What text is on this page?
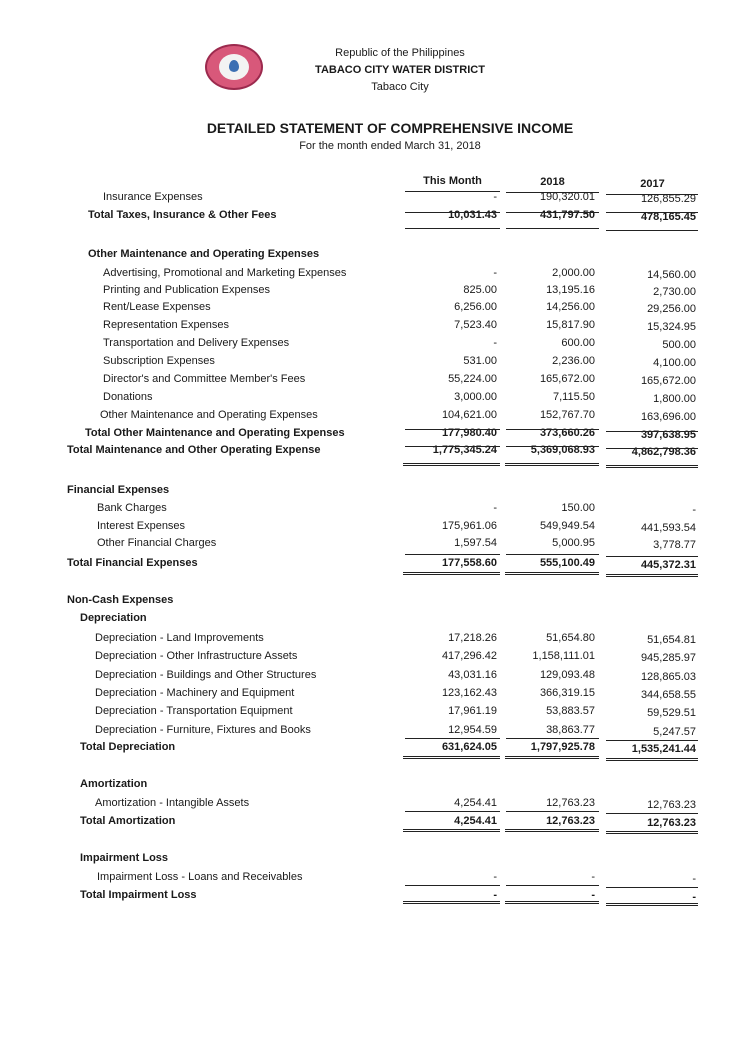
Republic of the Philippines
TABACO CITY WATER DISTRICT
Tabaco City
DETAILED STATEMENT OF COMPREHENSIVE INCOME
For the month ended March 31, 2018
This Month	2018	2017
Insurance Expenses	-	190,320.01	126,855.29
Total Taxes, Insurance & Other Fees	10,031.43	431,797.50	478,165.45
Other Maintenance and Operating Expenses
Advertising, Promotional and Marketing Expenses	-	2,000.00	14,560.00
Printing and Publication Expenses	825.00	13,195.16	2,730.00
Rent/Lease Expenses	6,256.00	14,256.00	29,256.00
Representation Expenses	7,523.40	15,817.90	15,324.95
Transportation and Delivery Expenses	-	600.00	500.00
Subscription Expenses	531.00	2,236.00	4,100.00
Director's and Committee Member's Fees	55,224.00	165,672.00	165,672.00
Donations	3,000.00	7,115.50	1,800.00
Other Maintenance and Operating Expenses	104,621.00	152,767.70	163,696.00
Total Other Maintenance and Operating Expenses	177,980.40	373,660.26	397,638.95
Total Maintenance and Other Operating Expense	1,775,345.24	5,369,068.93	4,862,798.36
Financial Expenses
Bank Charges	-	150.00	-
Interest Expenses	175,961.06	549,949.54	441,593.54
Other Financial Charges	1,597.54	5,000.95	3,778.77
Total Financial Expenses	177,558.60	555,100.49	445,372.31
Non-Cash Expenses
Depreciation
Depreciation - Land Improvements	17,218.26	51,654.80	51,654.81
Depreciation - Other Infrastructure Assets	417,296.42	1,158,111.01	945,285.97
Depreciation - Buildings and Other Structures	43,031.16	129,093.48	128,865.03
Depreciation - Machinery and Equipment	123,162.43	366,319.15	344,658.55
Depreciation - Transportation Equipment	17,961.19	53,883.57	59,529.51
Depreciation - Furniture, Fixtures and Books	12,954.59	38,863.77	5,247.57
Total Depreciation	631,624.05	1,797,925.78	1,535,241.44
Amortization
Amortization - Intangible Assets	4,254.41	12,763.23	12,763.23
Total Amortization	4,254.41	12,763.23	12,763.23
Impairment Loss
Impairment Loss - Loans and Receivables	-	-	-
Total Impairment Loss	-	-	-
